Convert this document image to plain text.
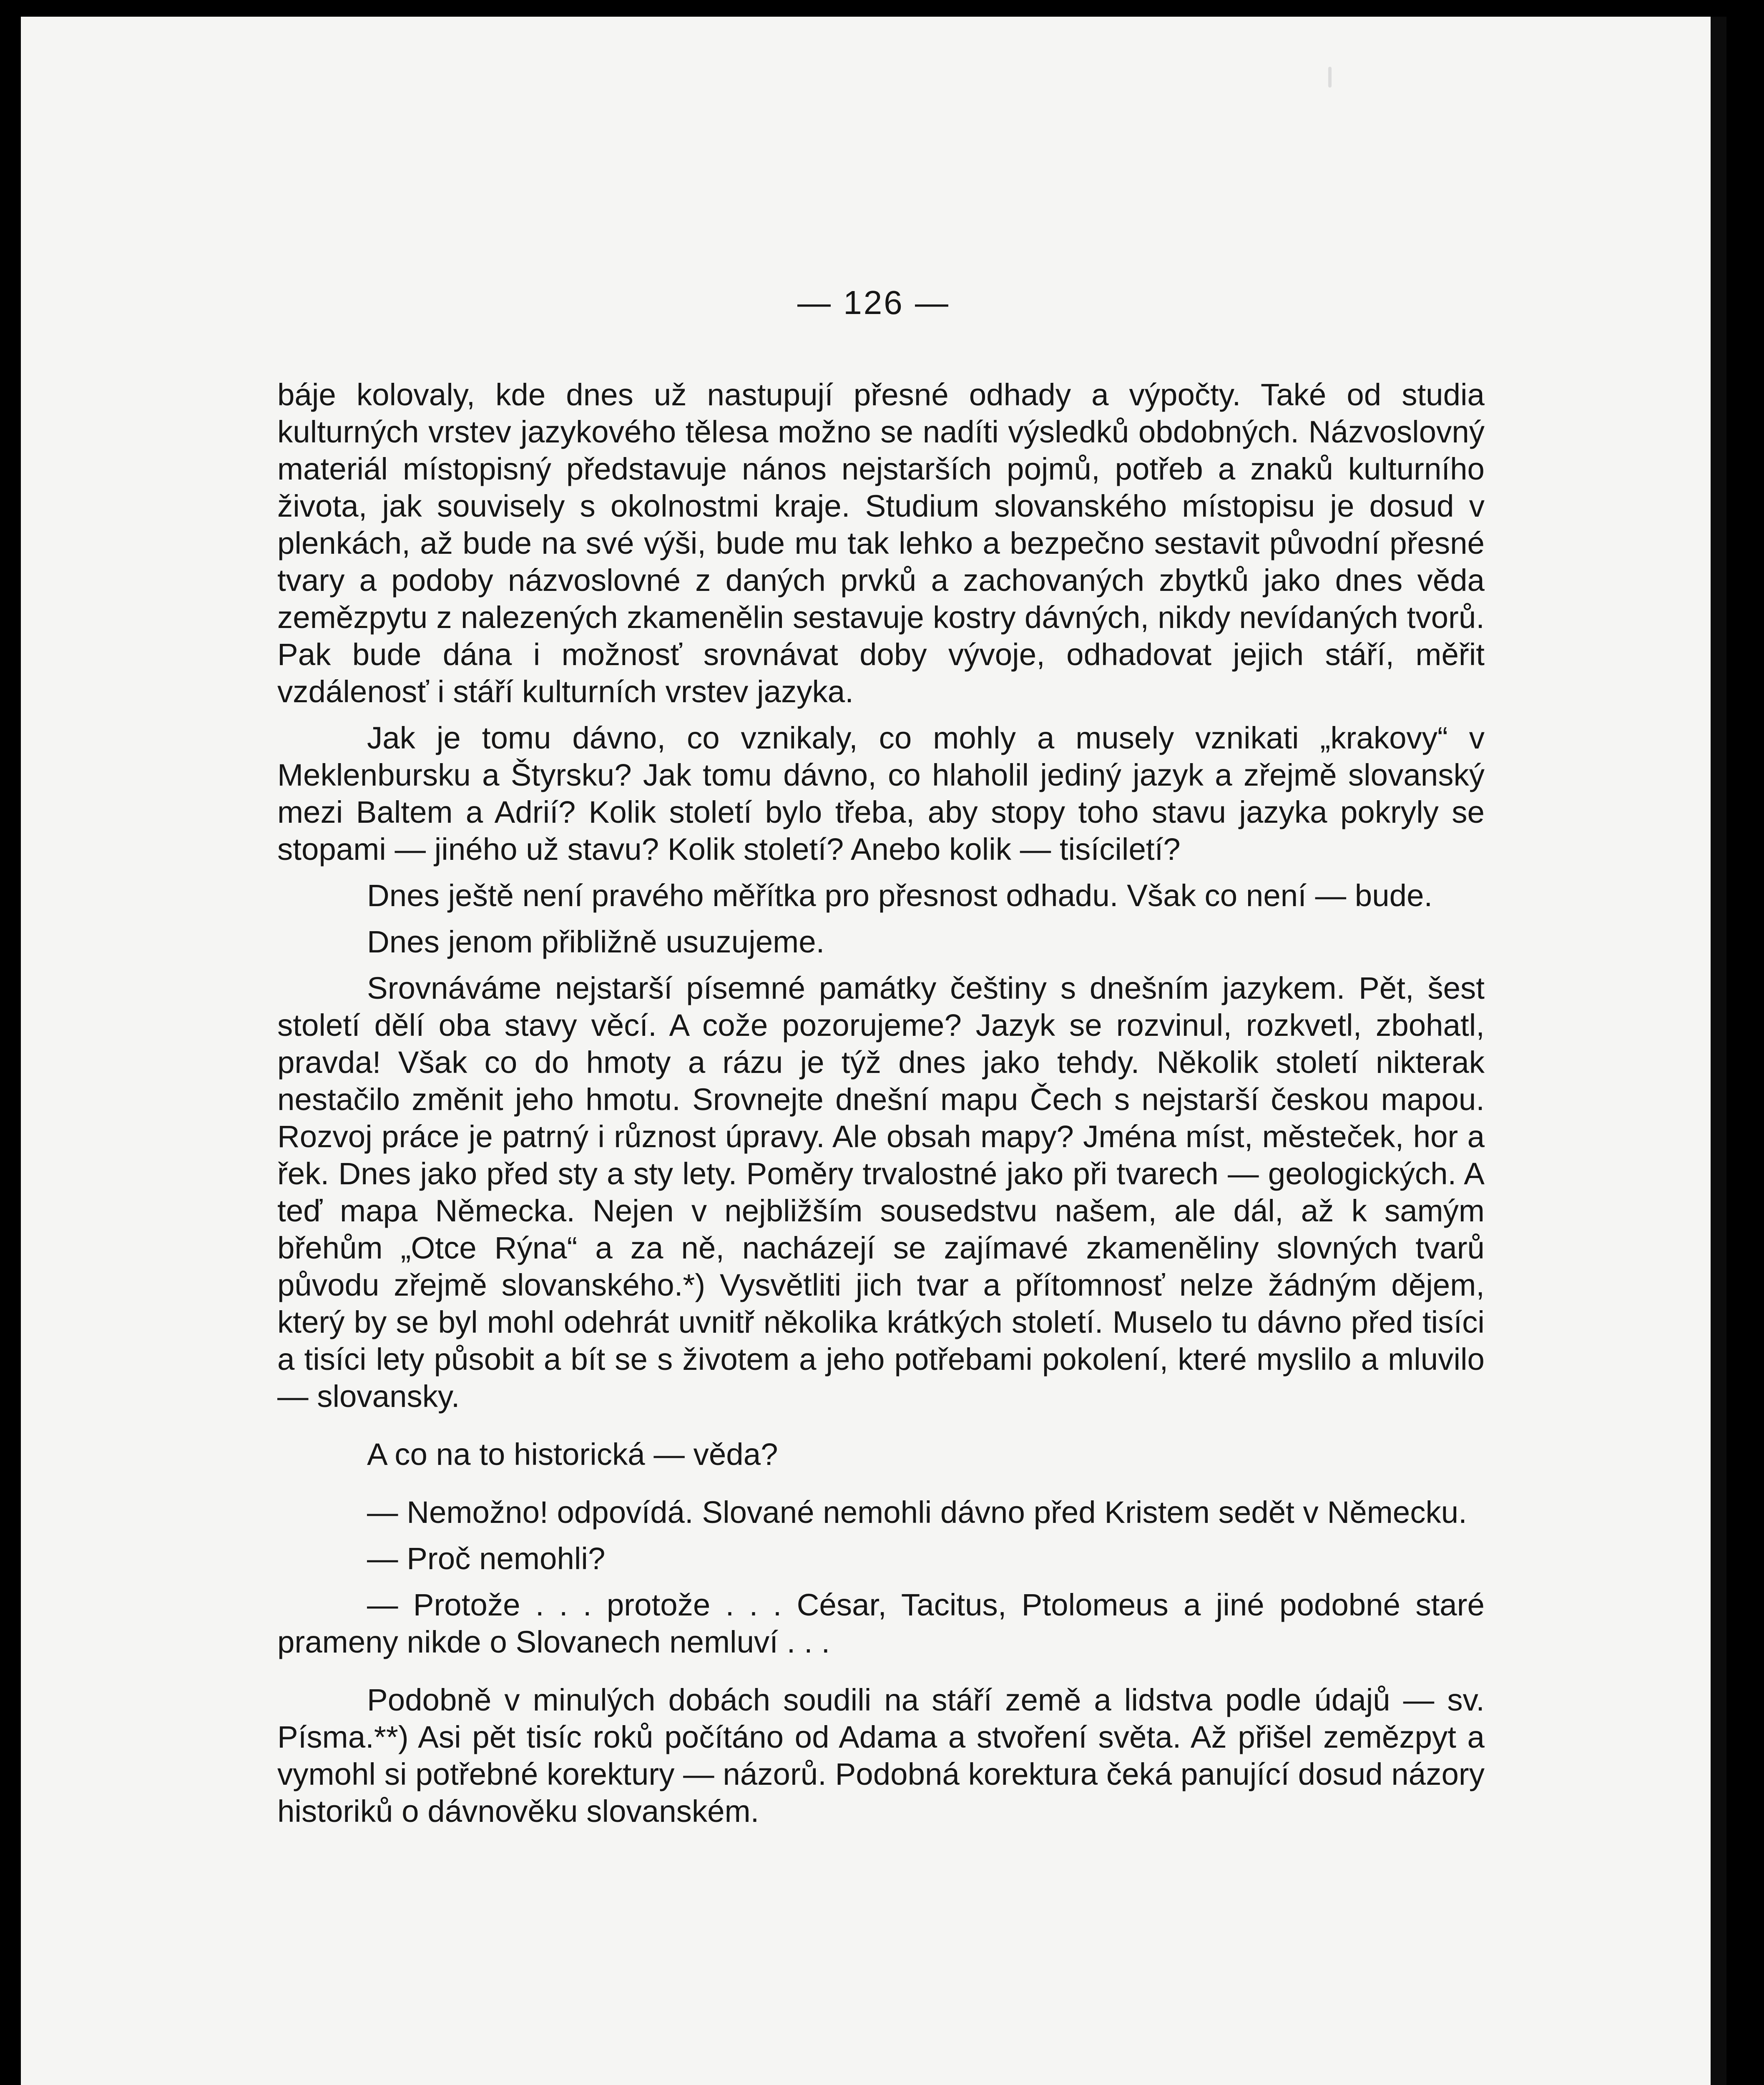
— 126 —

báje kolovaly, kde dnes už nastupují přesné odhady a výpočty. Také od studia kulturných vrstev jazykového tělesa možno se nadíti výsledků obdobných. Názvoslovný materiál místopisný představuje nános nejstarších pojmů, potřeb a znaků kulturního života, jak souvisely s okolnostmi kraje. Studium slovanského místopisu je dosud v plenkách, až bude na své výši, bude mu tak lehko a bezpečno sestavit původní přesné tvary a podoby názvoslovné z daných prvků a zachovaných zbytků jako dnes věda zemězpytu z nalezených zkamenělin sestavuje kostry dávných, nikdy nevídaných tvorů. Pak bude dána i možnosť srovnávat doby vývoje, odhadovat jejich stáří, měřit vzdálenosť i stáří kulturních vrstev jazyka.

Jak je tomu dávno, co vznikaly, co mohly a musely vznikati „krakovy“ v Meklenbursku a Štyrsku? Jak tomu dávno, co hlaholil jediný jazyk a zřejmě slovanský mezi Baltem a Adrií? Kolik století bylo třeba, aby stopy toho stavu jazyka pokryly se stopami — jiného už stavu? Kolik století? Anebo kolik — tisíciletí?

Dnes ještě není pravého měřítka pro přesnost odhadu. Však co není — bude.

Dnes jenom přibližně usuzujeme.

Srovnáváme nejstarší písemné památky češtiny s dnešním jazykem. Pět, šest století dělí oba stavy věcí. A cože pozorujeme? Jazyk se rozvinul, rozkvetl, zbohatl, pravda! Však co do hmoty a rázu je týž dnes jako tehdy. Několik století nikterak nestačilo změnit jeho hmotu. Srovnejte dnešní mapu Čech s nejstarší českou mapou. Rozvoj práce je patrný i různost úpravy. Ale obsah mapy? Jména míst, městeček, hor a řek. Dnes jako před sty a sty lety. Poměry trvalostné jako při tvarech — geologických. A teď mapa Německa. Nejen v nejbližším sousedstvu našem, ale dál, až k samým břehům „Otce Rýna“ a za ně, nacházejí se zajímavé zkameněliny slovných tvarů původu zřejmě slovanského.*) Vysvětliti jich tvar a přítomnosť nelze žádným dějem, který by se byl mohl odehrát uvnitř několika krátkých století. Muselo tu dávno před tisíci a tisíci lety působit a bít se s životem a jeho potřebami pokolení, které myslilo a mluvilo — slovansky.

A co na to historická — věda?

— Nemožno! odpovídá. Slované nemohli dávno před Kristem sedět v Německu.

— Proč nemohli?

— Protože . . . protože . . . César, Tacitus, Ptolomeus a jiné podobné staré prameny nikde o Slovanech nemluví . . .

Podobně v minulých dobách soudili na stáří země a lidstva podle údajů — sv. Písma.**) Asi pět tisíc roků počítáno od Adama a stvoření světa. Až přišel zemězpyt a vymohl si potřebné korektury — názorů. Podobná korektura čeká panující dosud názory historiků o dávnověku slovanském.
